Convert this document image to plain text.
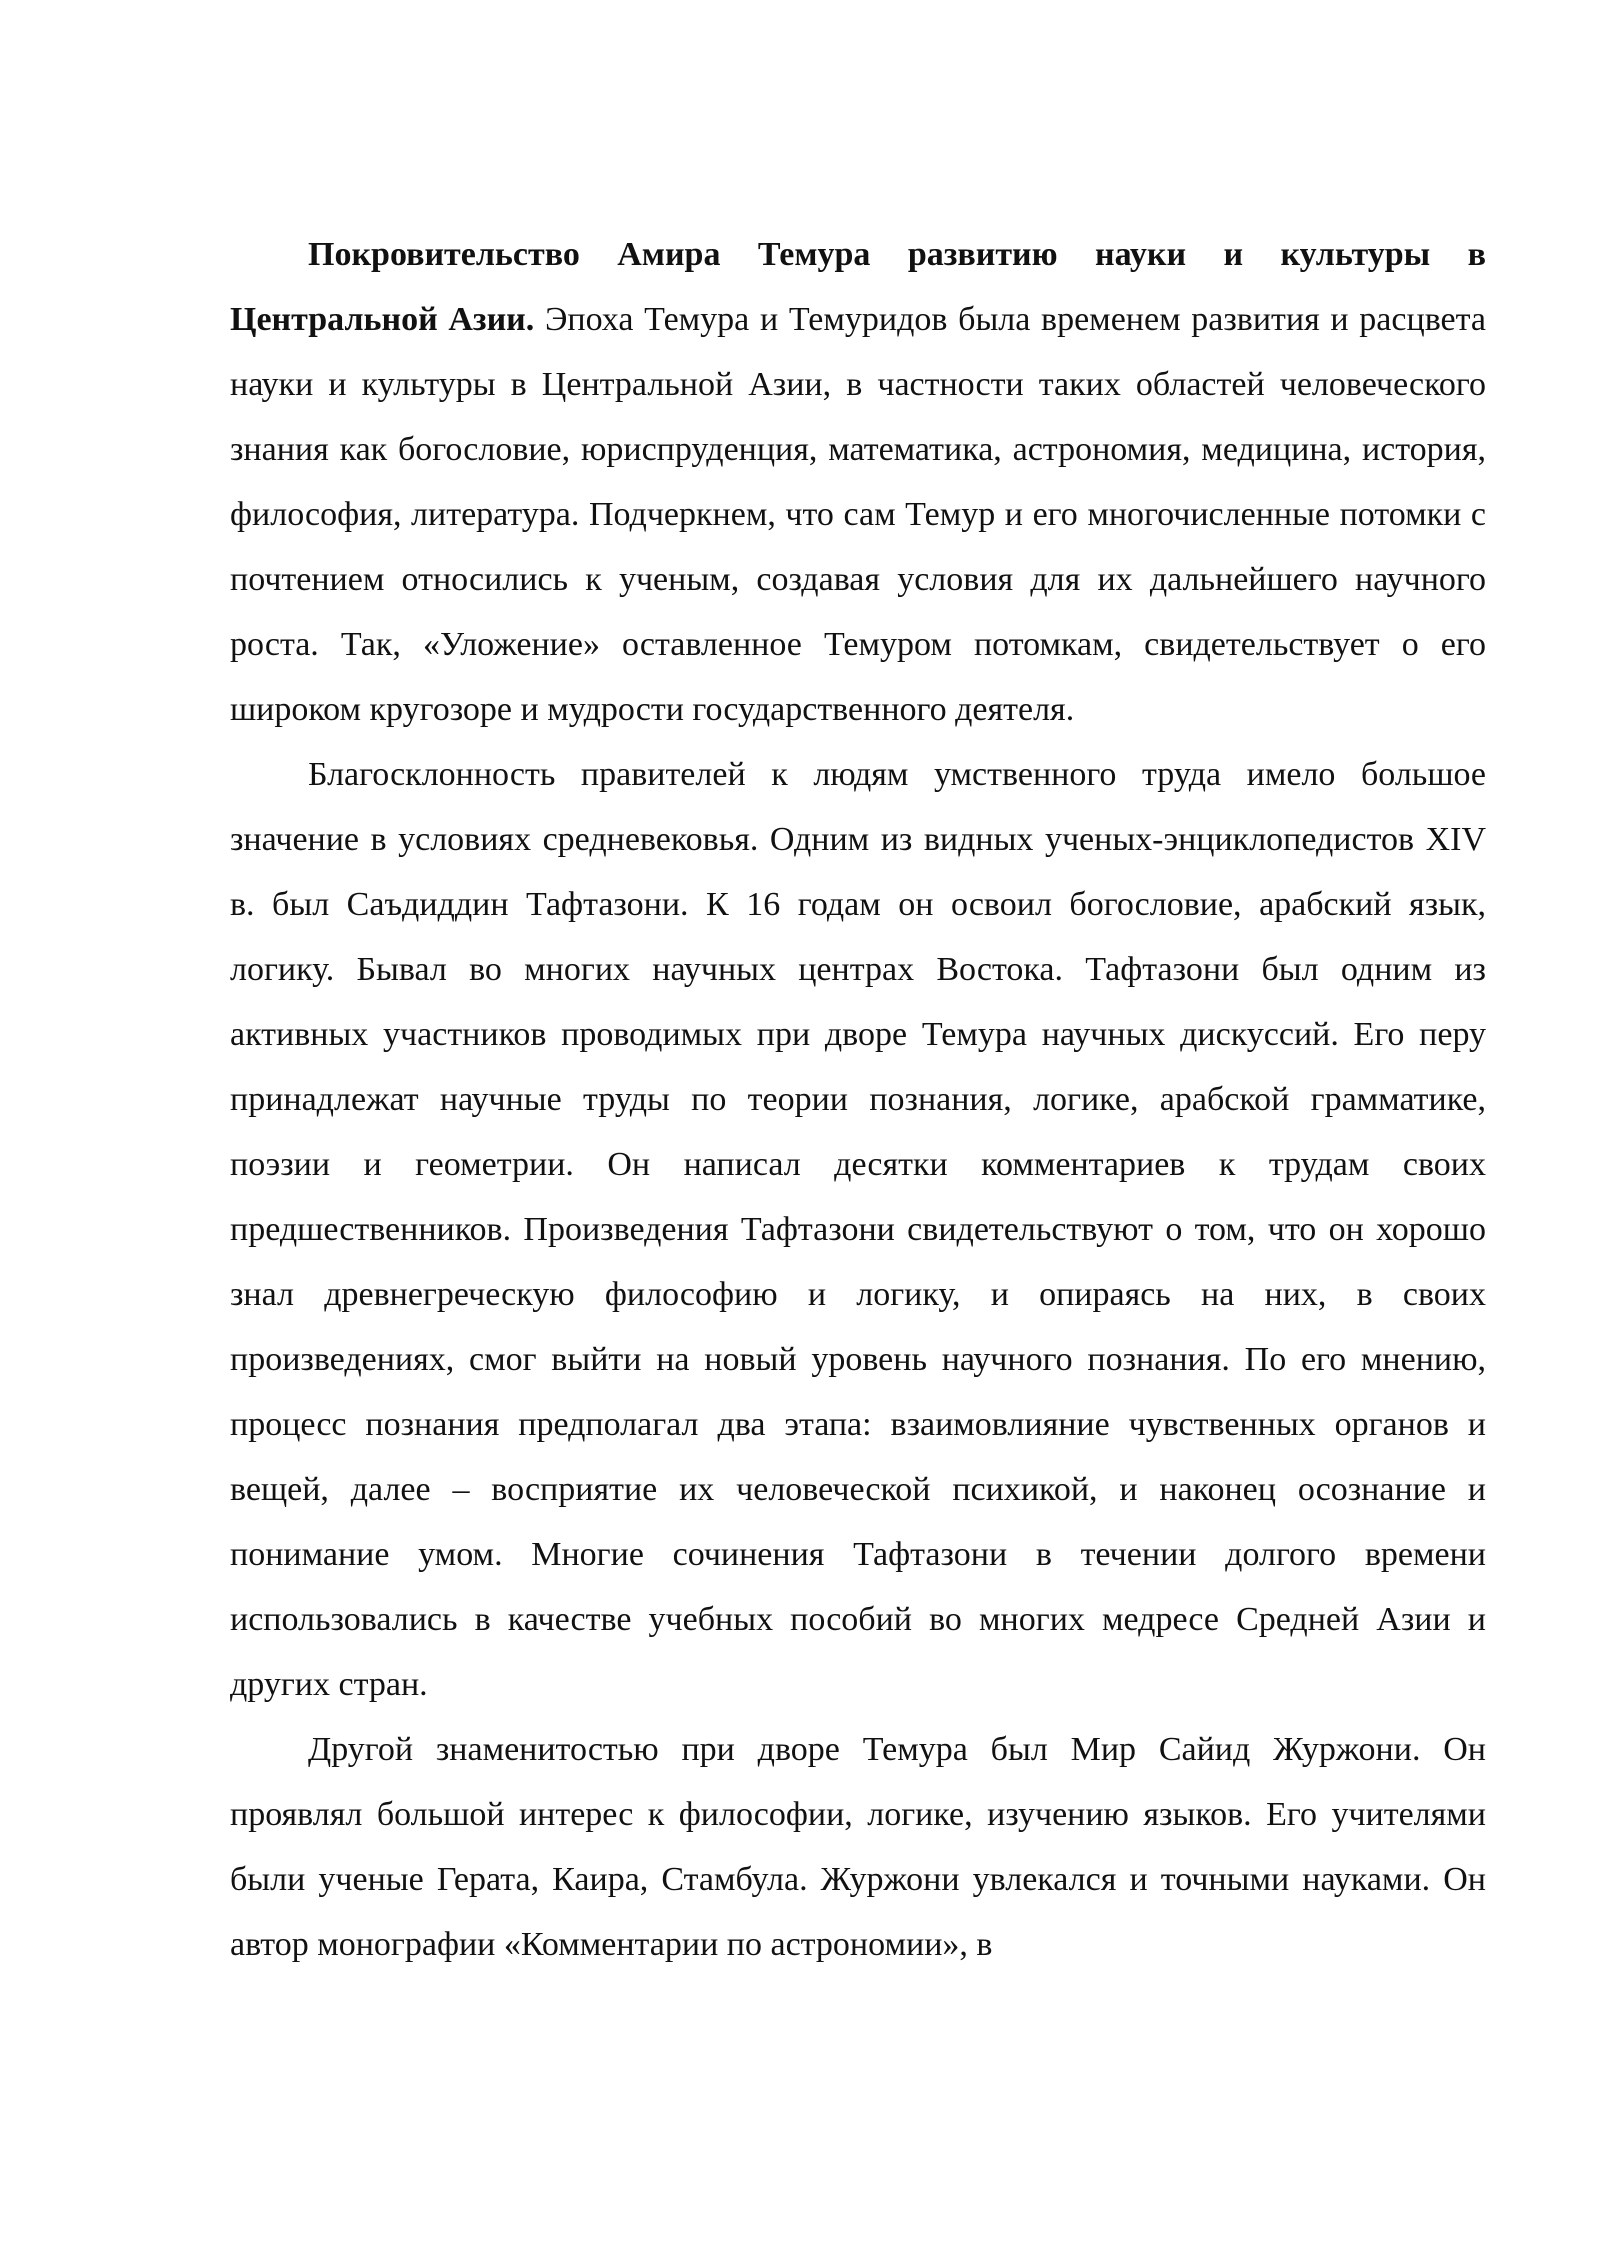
Покровительство Амира Темура развитию науки и культуры в Центральной Азии. Эпоха Темура и Темуридов была временем развития и расцвета науки и культуры в Центральной Азии, в частности таких областей человеческого знания как богословие, юриспруденция, математика, астрономия, медицина, история, философия, литература. Подчеркнем, что сам Темур и его многочисленные потомки с почтением относились к ученым, создавая условия для их дальнейшего научного роста. Так, «Уложение» оставленное Темуром потомкам, свидетельствует о его широком кругозоре и мудрости государственного деятеля.

Благосклонность правителей к людям умственного труда имело большое значение в условиях средневековья. Одним из видных ученых-энциклопедистов XIV в. был Саъдиддин Тафтазони. К 16 годам он освоил богословие, арабский язык, логику. Бывал во многих научных центрах Востока. Тафтазони был одним из активных участников проводимых при дворе Темура научных дискуссий. Его перу принадлежат научные труды по теории познания, логике, арабской грамматике, поэзии и геометрии. Он написал десятки комментариев к трудам своих предшественников. Произведения Тафтазони свидетельствуют о том, что он хорошо знал древнегреческую философию и логику, и опираясь на них, в своих произведениях, смог выйти на новый уровень научного познания. По его мнению, процесс познания предполагал два этапа: взаимовлияние чувственных органов и вещей, далее – восприятие их человеческой психикой, и наконец осознание и понимание умом. Многие сочинения Тафтазони в течении долгого времени использовались в качестве учебных пособий во многих медресе Средней Азии и других стран.

Другой знаменитостью при дворе Темура был Мир Сайид Журжони. Он проявлял большой интерес к философии, логике, изучению языков. Его учителями были ученые Герата, Каира, Стамбула. Журжони увлекался и точными науками. Он автор монографии «Комментарии по астрономии», в
